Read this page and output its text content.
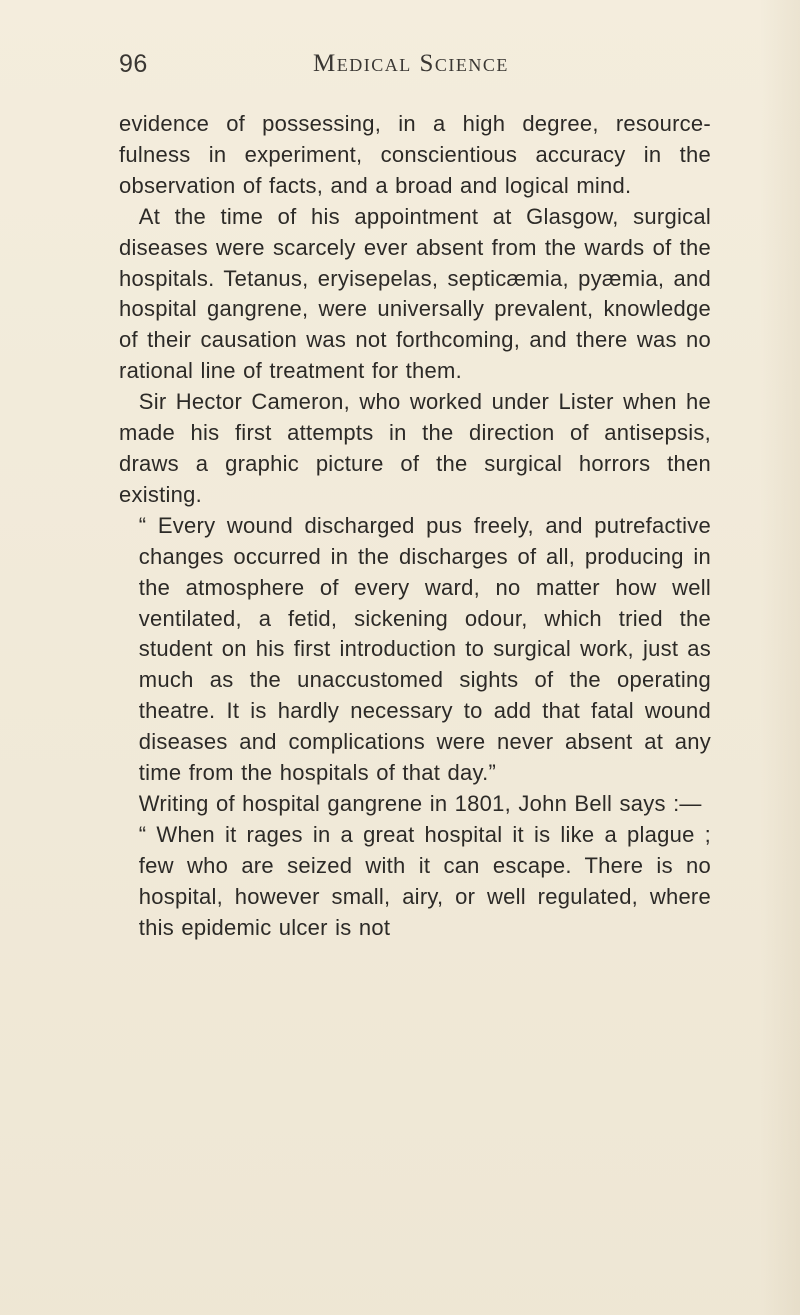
96	Medical Science

evidence of possessing, in a high degree, resource-fulness in experiment, conscientious accuracy in the observation of facts, and a broad and logical mind.

At the time of his appointment at Glasgow, surgical diseases were scarcely ever absent from the wards of the hospitals. Tetanus, eryisepelas, septicæmia, pyæmia, and hospital gangrene, were universally prevalent, knowledge of their causation was not forthcoming, and there was no rational line of treatment for them.

Sir Hector Cameron, who worked under Lister when he made his first attempts in the direction of antisepsis, draws a graphic picture of the surgical horrors then existing.

“ Every wound discharged pus freely, and putrefactive changes occurred in the discharges of all, producing in the atmosphere of every ward, no matter how well ventilated, a fetid, sickening odour, which tried the student on his first introduction to surgical work, just as much as the unaccustomed sights of the operating theatre. It is hardly necessary to add that fatal wound diseases and complications were never absent at any time from the hospitals of that day.”

Writing of hospital gangrene in 1801, John Bell says :—

“ When it rages in a great hospital it is like a plague ; few who are seized with it can escape. There is no hospital, however small, airy, or well regulated, where this epidemic ulcer is not
